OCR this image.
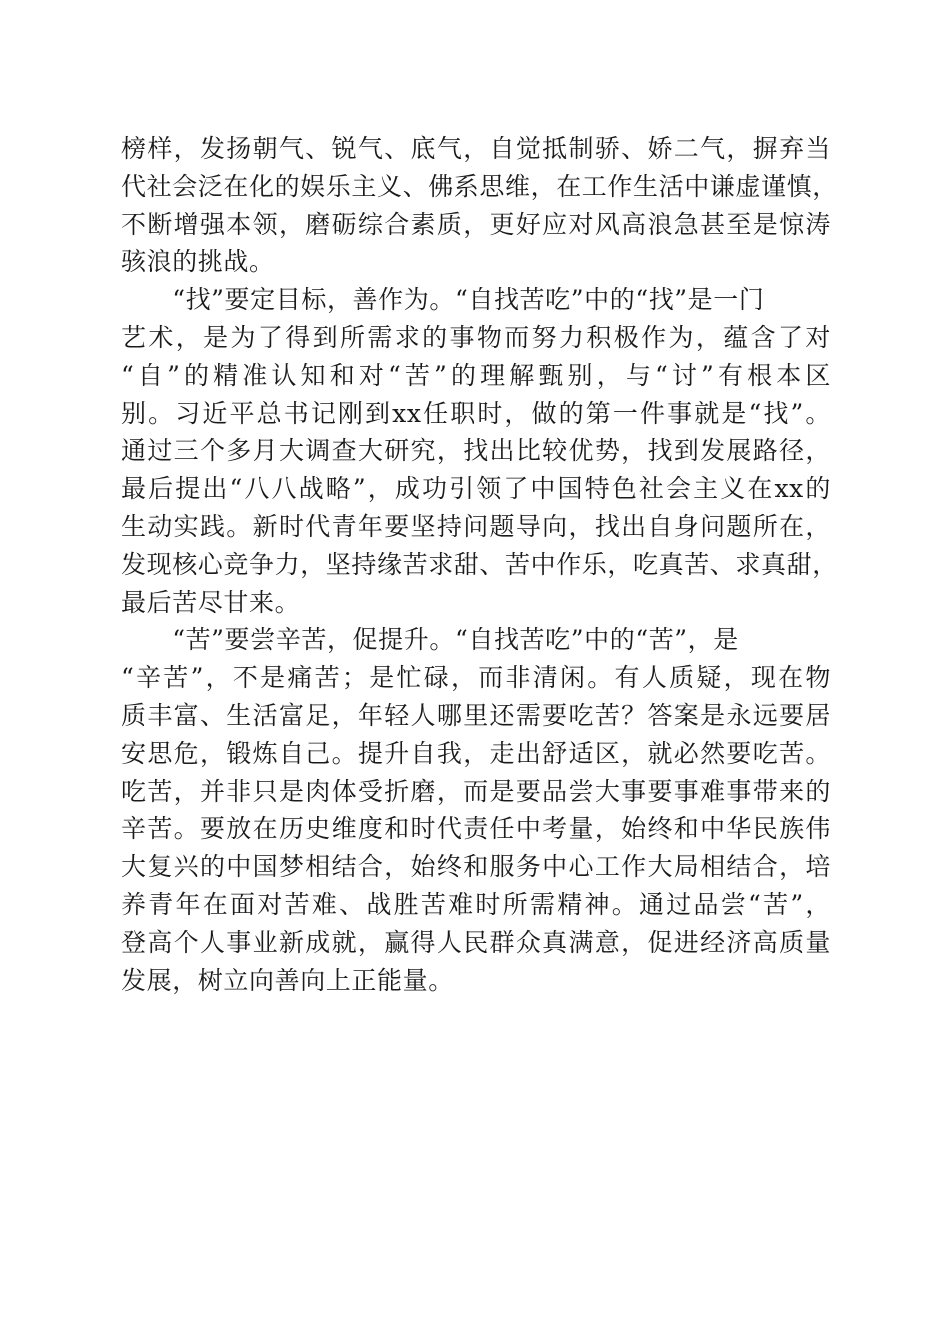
榜样，发扬朝气、锐气、底气，自觉抵制骄、娇二气，摒弃当
代社会泛在化的娱乐主义、佛系思维，在工作生活中谦虚谨慎，
不断增强本领，磨砺综合素质，更好应对风高浪急甚至是惊涛
骇浪的挑战。
　　“找”要定目标，善作为。“自找苦吃”中的“找”是一门
艺术，是为了得到所需求的事物而努力积极作为，蕴含了对
“自”的精准认知和对“苦”的理解甄别，与“讨”有根本区
别。习近平总书记刚到xx任职时，做的第一件事就是“找”。
通过三个多月大调查大研究，找出比较优势，找到发展路径，
最后提出“八八战略”，成功引领了中国特色社会主义在xx的
生动实践。新时代青年要坚持问题导向，找出自身问题所在，
发现核心竞争力，坚持缘苦求甜、苦中作乐，吃真苦、求真甜，
最后苦尽甘来。
　　“苦”要尝辛苦，促提升。“自找苦吃”中的“苦”，是
“辛苦”，不是痛苦；是忙碌，而非清闲。有人质疑，现在物
质丰富、生活富足，年轻人哪里还需要吃苦？答案是永远要居
安思危，锻炼自己。提升自我，走出舒适区，就必然要吃苦。
吃苦，并非只是肉体受折磨，而是要品尝大事要事难事带来的
辛苦。要放在历史维度和时代责任中考量，始终和中华民族伟
大复兴的中国梦相结合，始终和服务中心工作大局相结合，培
养青年在面对苦难、战胜苦难时所需精神。通过品尝“苦”，
登高个人事业新成就，赢得人民群众真满意，促进经济高质量
发展，树立向善向上正能量。
